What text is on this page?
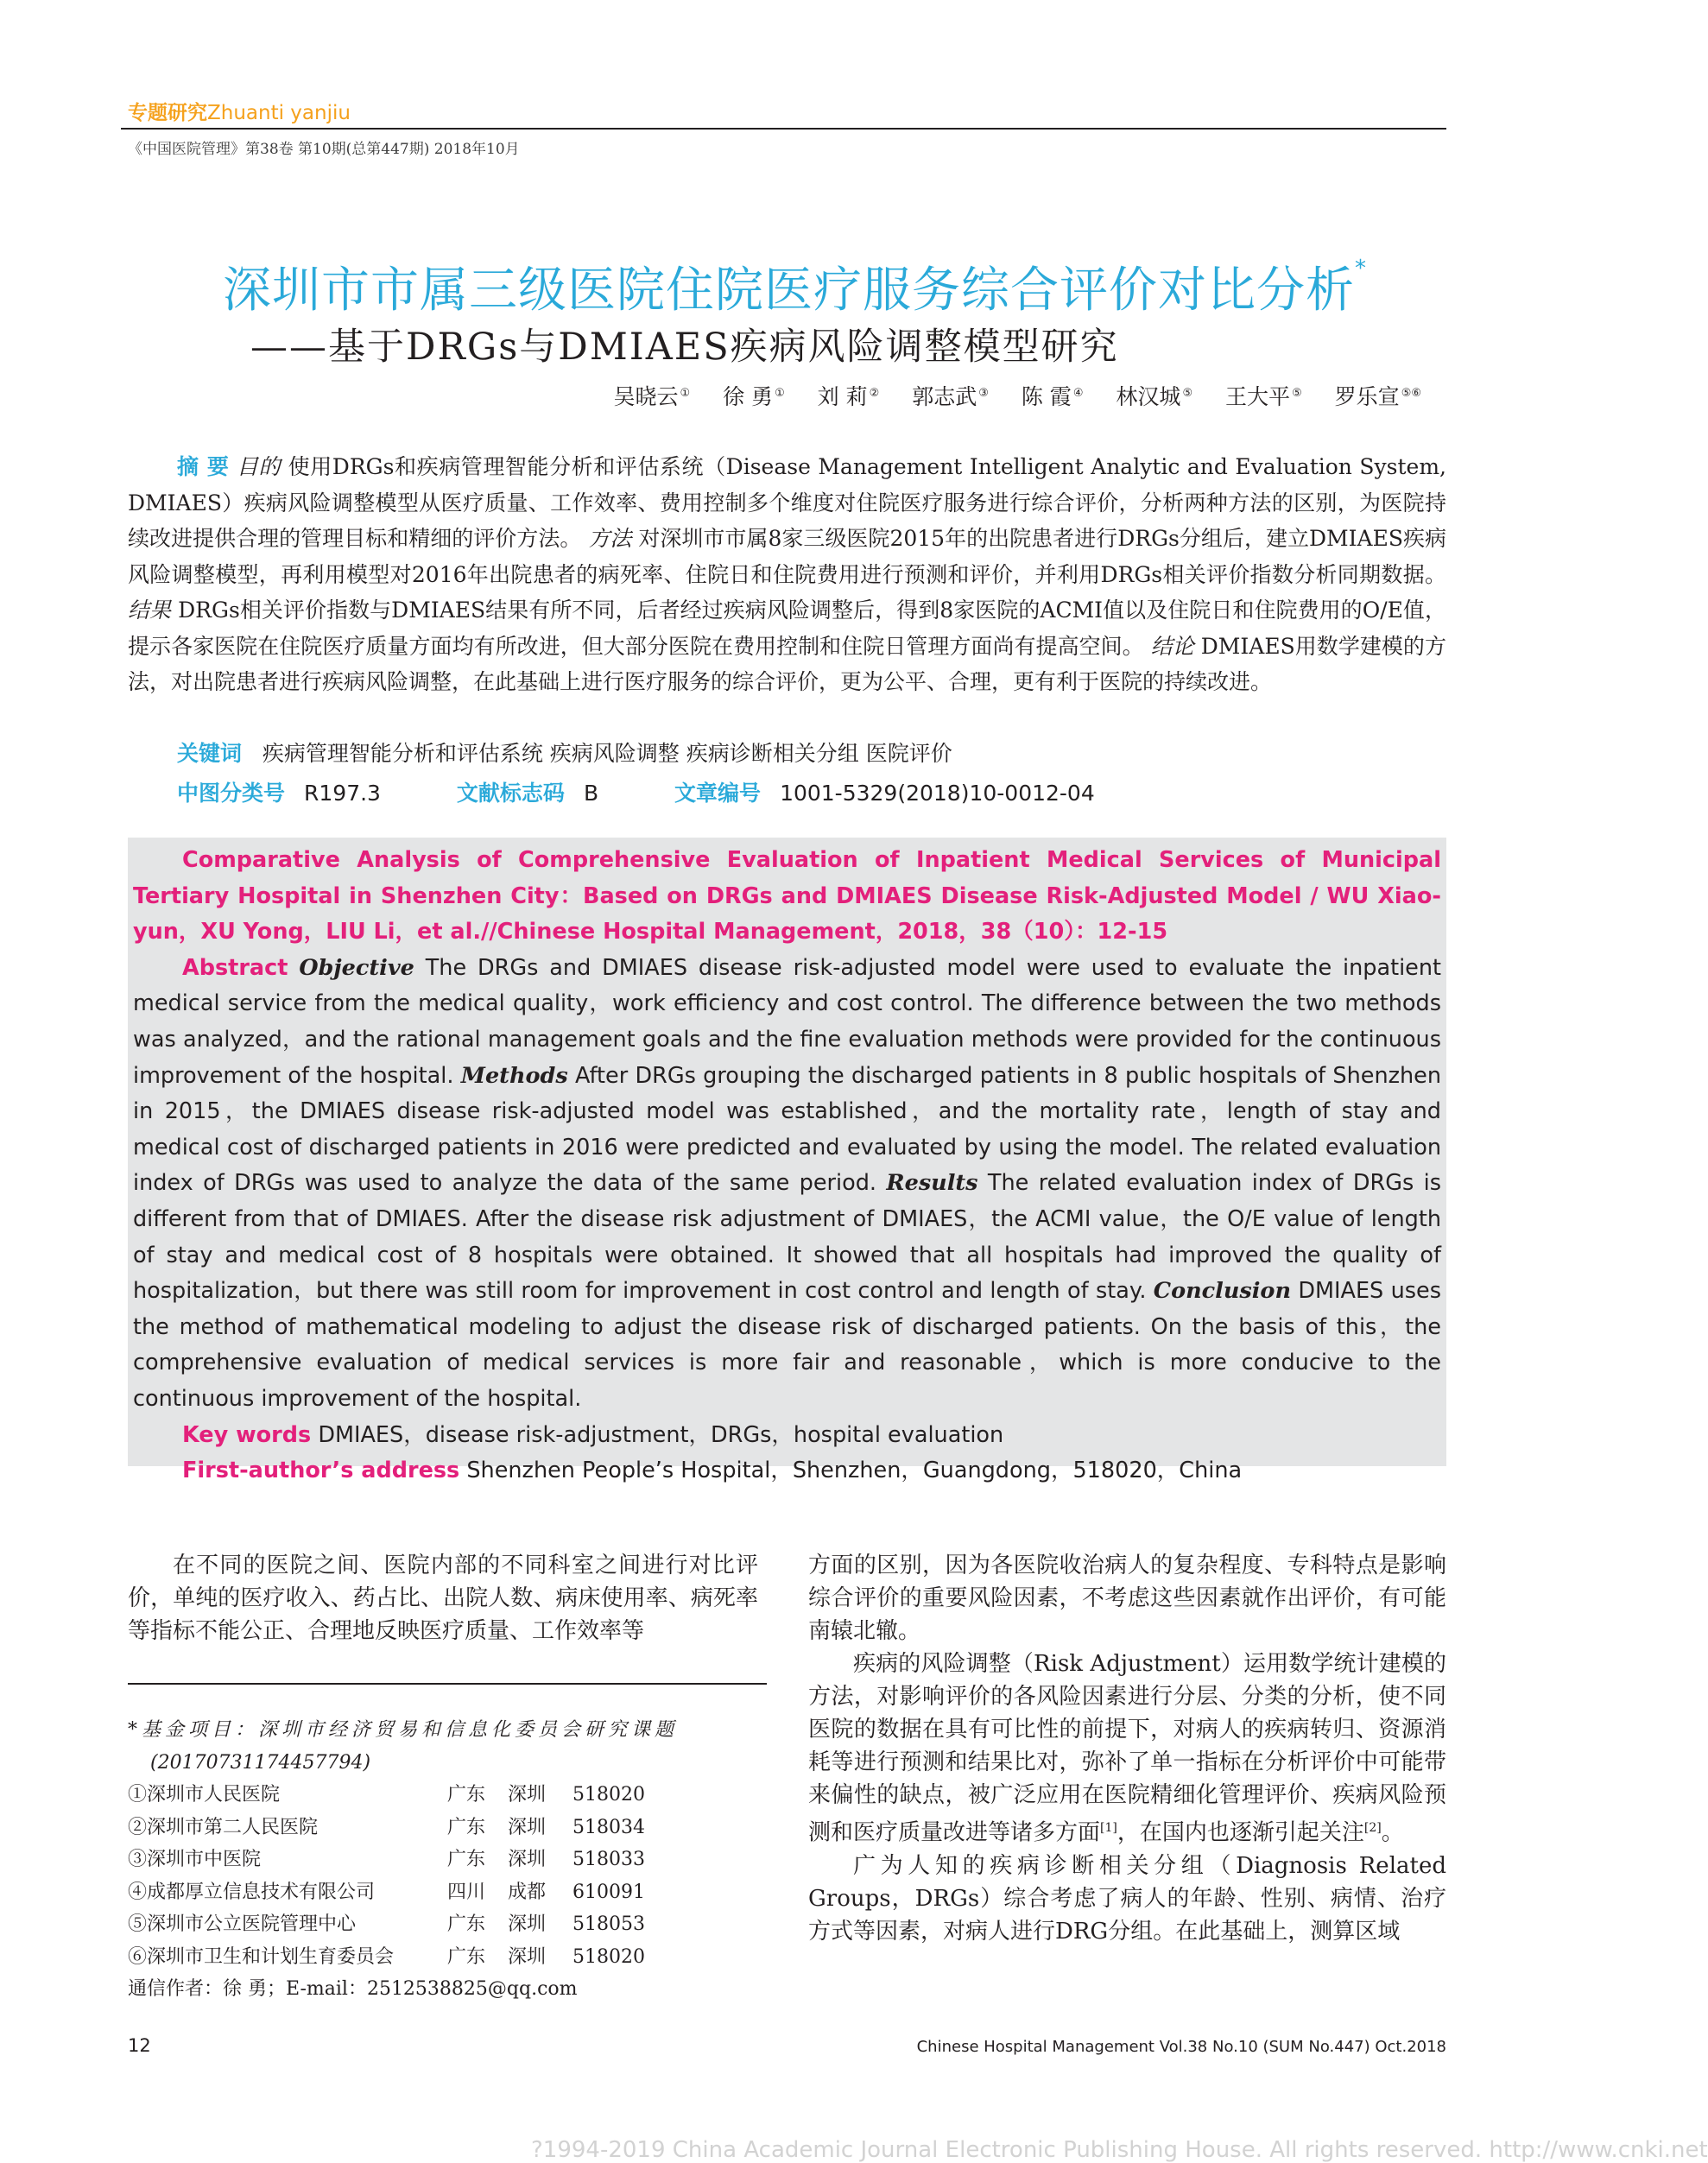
专题研究Zhuanti yanjiu
《中国医院管理》第38卷 第10期(总第447期) 2018年10月
深圳市市属三级医院住院医疗服务综合评价对比分析*
——基于DRGs与DMIAES疾病风险调整模型研究
吴晓云 ① 徐 勇 ① 刘 莉 ② 郭志武 ③ 陈 霞 ④ 林汉城 ⑤ 王大平 ⑤ 罗乐宣 ⑤⑥
摘 要 目的 使用DRGs和疾病管理智能分析和评估系统（Disease Management Intelligent Analytic and Evaluation System, DMIAES）疾病风险调整模型从医疗质量、工作效率、费用控制多个维度对住院医疗服务进行综合评价，分析两种方法的区别，为医院持续改进提供合理的管理目标和精细的评价方法。 方法 对深圳市市属8家三级医院2015年的出院患者进行DRGs分组后，建立DMIAES疾病风险调整模型，再利用模型对2016年出院患者的病死率、住院日和住院费用进行预测和评价，并利用DRGs相关评价指数分析同期数据。 结果 DRGs相关评价指数与DMIAES结果有所不同，后者经过疾病风险调整后，得到8家医院的ACMI值以及住院日和住院费用的O/E值，提示各家医院在住院医疗质量方面均有所改进，但大部分医院在费用控制和住院日管理方面尚有提高空间。 结论 DMIAES用数学建模的方法，对出院患者进行疾病风险调整，在此基础上进行医疗服务的综合评价，更为公平、合理，更有利于医院的持续改进。
关键词 疾病管理智能分析和评估系统 疾病风险调整 疾病诊断相关分组 医院评价
中图分类号 R197.3	文献标志码 B	文章编号 1001-5329(2018)10-0012-04
Comparative Analysis of Comprehensive Evaluation of Inpatient Medical Services of Municipal Tertiary Hospital in Shenzhen City：Based on DRGs and DMIAES Disease Risk-Adjusted Model / WU Xiao-yun，XU Yong，LIU Li，et al.//Chinese Hospital Management，2018，38（10）：12-15
Abstract Objective The DRGs and DMIAES disease risk-adjusted model were used to evaluate the inpatient medical service from the medical quality，work efficiency and cost control. The difference between the two methods was analyzed，and the rational management goals and the fine evaluation methods were provided for the continuous improvement of the hospital. Methods After DRGs grouping the discharged patients in 8 public hospitals of Shenzhen in 2015，the DMIAES disease risk-adjusted model was established，and the mortality rate，length of stay and medical cost of discharged patients in 2016 were predicted and evaluated by using the model. The related evaluation index of DRGs was used to analyze the data of the same period. Results The related evaluation index of DRGs is different from that of DMIAES. After the disease risk adjustment of DMIAES，the ACMI value，the O/E value of length of stay and medical cost of 8 hospitals were obtained. It showed that all hospitals had improved the quality of hospitalization，but there was still room for improvement in cost control and length of stay. Conclusion DMIAES uses the method of mathematical modeling to adjust the disease risk of discharged patients. On the basis of this，the comprehensive evaluation of medical services is more fair and reasonable，which is more conducive to the continuous improvement of the hospital.
Key words DMIAES，disease risk-adjustment，DRGs，hospital evaluation
First-author’s address Shenzhen People’s Hospital，Shenzhen，Guangdong，518020，China

在不同的医院之间、医院内部的不同科室之间进行对比评价，单纯的医疗收入、药占比、出院人数、病床使用率、病死率等指标不能公正、合理地反映医疗质量、工作效率等

*基金项目：深圳市经济贸易和信息化委员会研究课题
(20170731174457794)
①深圳市人民医院	广东	深圳	518020
②深圳市第二人民医院	广东	深圳	518034
③深圳市中医院	广东	深圳	518033
④成都厚立信息技术有限公司	四川	成都	610091
⑤深圳市公立医院管理中心	广东	深圳	518053
⑥深圳市卫生和计划生育委员会	广东	深圳	518020
通信作者：徐 勇；E-mail：2512538825@qq.com

方面的区别，因为各医院收治病人的复杂程度、专科特点是影响综合评价的重要风险因素，不考虑这些因素就作出评价，有可能南辕北辙。

疾病的风险调整（Risk Adjustment）运用数学统计建模的方法，对影响评价的各风险因素进行分层、分类的分析，使不同医院的数据在具有可比性的前提下，对病人的疾病转归、资源消耗等进行预测和结果比对，弥补了单一指标在分析评价中可能带来偏性的缺点，被广泛应用在医院精细化管理评价、疾病风险预测和医疗质量改进等诸多方面[1]，在国内也逐渐引起关注[2]。

广为人知的疾病诊断相关分组（Diagnosis Related Groups，DRGs）综合考虑了病人的年龄、性别、病情、治疗方式等因素，对病人进行DRG分组。在此基础上，测算区域

12	Chinese Hospital Management Vol.38 No.10 (SUM No.447) Oct.2018
?1994-2019 China Academic Journal Electronic Publishing House. All rights reserved. http://www.cnki.net
